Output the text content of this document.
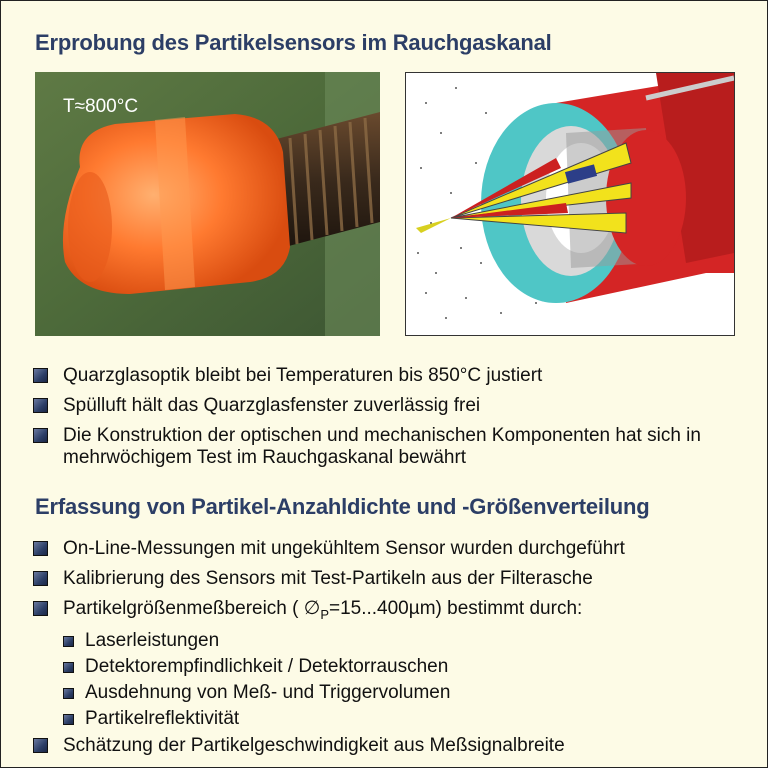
Erprobung des Partikelsensors im Rauchgaskanal
T≈800°C
Quarzglasoptik bleibt bei Temperaturen bis 850°C justiert
Spülluft hält das Quarzglasfenster zuverlässig frei
Die Konstruktion der optischen und mechanischen Komponenten hat sich in mehrwöchigem Test im Rauchgaskanal bewährt
Erfassung von Partikel-Anzahldichte und -Größenverteilung
On-Line-Messungen mit ungekühltem Sensor wurden durchgeführt
Kalibrierung des Sensors mit Test-Partikeln aus der Filterasche
Partikelgrößenmeßbereich ( $\emptyset_P=15...400\mu m$) bestimmt durch:
Laserleistungen
Detektorempfindlichkeit / Detektorrauschen
Ausdehnung von Meß- und Triggervolumen
Partikelreflektivität
Schätzung der Partikelgeschwindigkeit aus Meßsignalbreite
